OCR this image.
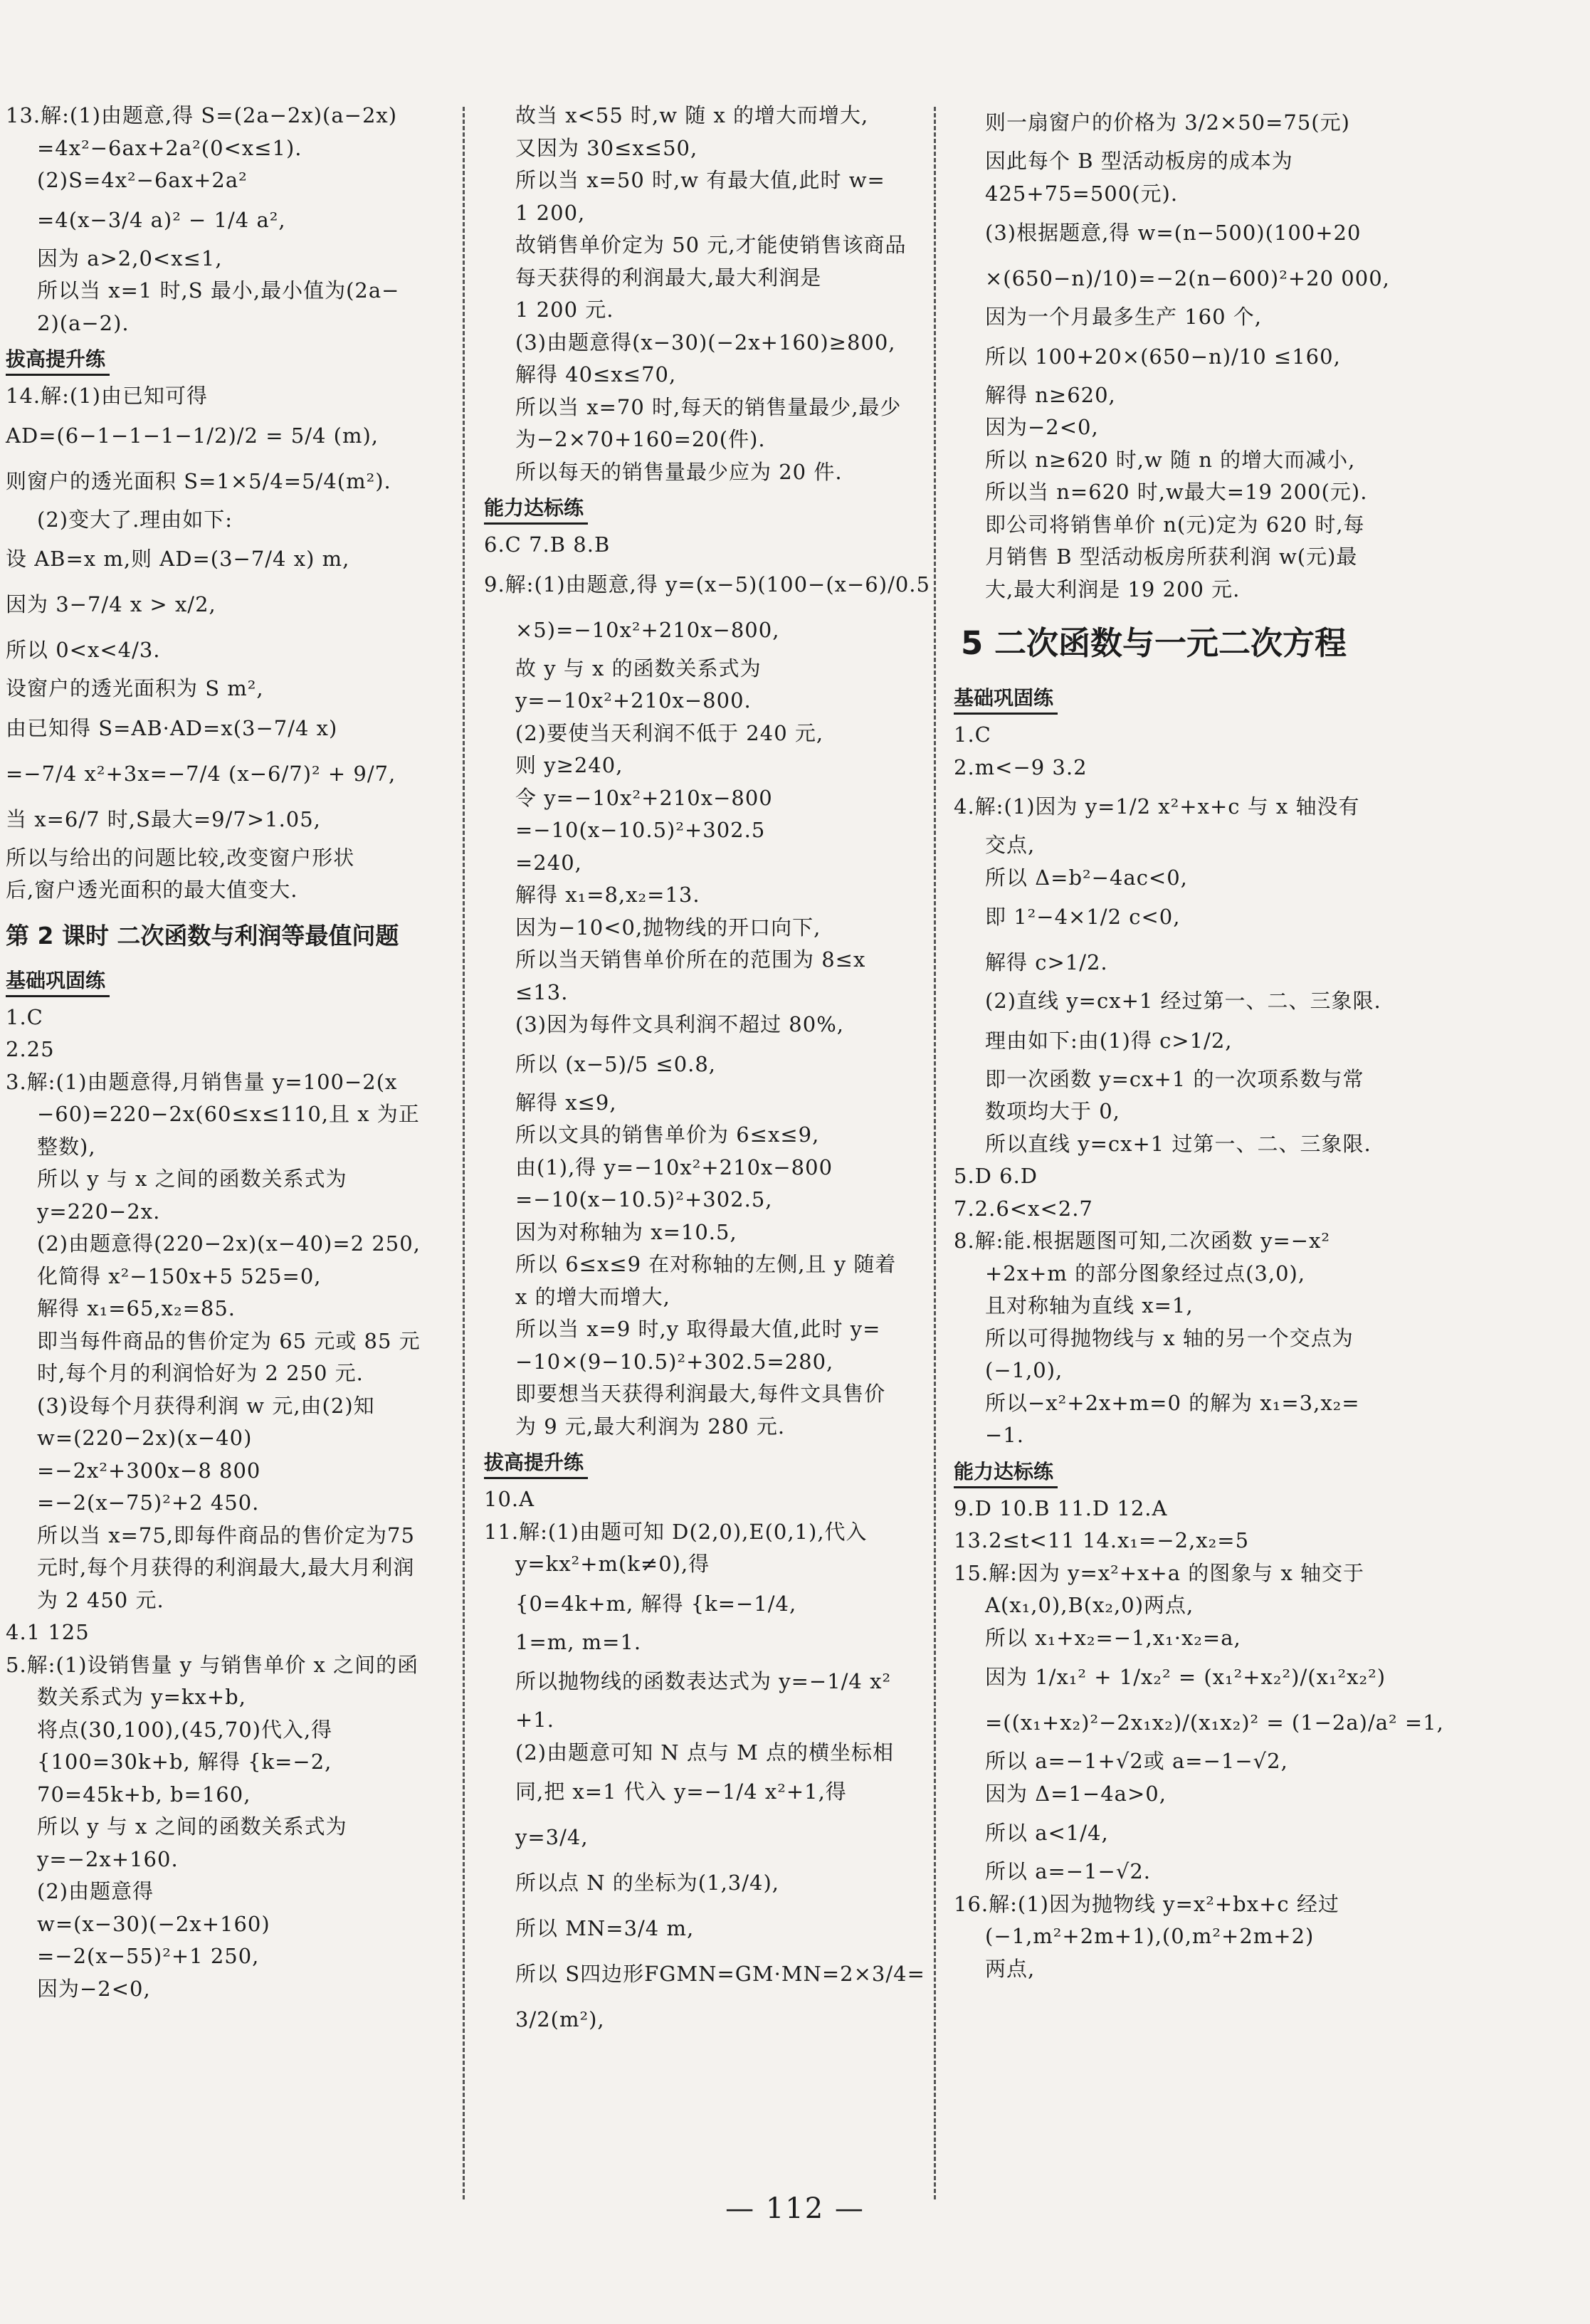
13.解:(1)由题意,得 S=(2a−2x)(a−2x)
=4x²−6ax+2a²(0<x≤1).
(2)S=4x²−6ax+2a²
=4(x−3/4 a)² − 1/4 a²,
因为 a>2,0<x≤1,
所以当 x=1 时,S 最小,最小值为(2a−
2)(a−2).
拔高提升练
14.解:(1)由已知可得
AD=(6−1−1−1−1/2)/2 = 5/4 (m),
则窗户的透光面积 S=1×5/4=5/4(m²).
(2)变大了.理由如下:
设 AB=x m,则 AD=(3−7/4 x) m,
因为 3−7/4 x > x/2,
所以 0<x<4/3.
设窗户的透光面积为 S m²,
由已知得 S=AB·AD=x(3−7/4 x)
=−7/4 x²+3x=−7/4 (x−6/7)² + 9/7,
当 x=6/7 时,S最大=9/7>1.05,
所以与给出的问题比较,改变窗户形状
后,窗户透光面积的最大值变大.
第 2 课时 二次函数与利润等最值问题
基础巩固练
1.C
2.25
3.解:(1)由题意得,月销售量 y=100−2(x
−60)=220−2x(60≤x≤110,且 x 为正
整数),
所以 y 与 x 之间的函数关系式为
y=220−2x.
(2)由题意得(220−2x)(x−40)=2 250,
化简得 x²−150x+5 525=0,
解得 x₁=65,x₂=85.
即当每件商品的售价定为 65 元或 85 元
时,每个月的利润恰好为 2 250 元.
(3)设每个月获得利润 w 元,由(2)知
w=(220−2x)(x−40)
=−2x²+300x−8 800
=−2(x−75)²+2 450.
所以当 x=75,即每件商品的售价定为75
元时,每个月获得的利润最大,最大月利润
为 2 450 元.
4.1 125
5.解:(1)设销售量 y 与销售单价 x 之间的函
数关系式为 y=kx+b,
将点(30,100),(45,70)代入,得
{100=30k+b, 解得 {k=−2,
70=45k+b, b=160,
所以 y 与 x 之间的函数关系式为
y=−2x+160.
(2)由题意得
w=(x−30)(−2x+160)
=−2(x−55)²+1 250,
因为−2<0,
故当 x<55 时,w 随 x 的增大而增大,
又因为 30≤x≤50,
所以当 x=50 时,w 有最大值,此时 w=
1 200,
故销售单价定为 50 元,才能使销售该商品
每天获得的利润最大,最大利润是
1 200 元.
(3)由题意得(x−30)(−2x+160)≥800,
解得 40≤x≤70,
所以当 x=70 时,每天的销售量最少,最少
为−2×70+160=20(件).
所以每天的销售量最少应为 20 件.
能力达标练
6.C 7.B 8.B
9.解:(1)由题意,得 y=(x−5)(100−(x−6)/0.5
×5)=−10x²+210x−800,
故 y 与 x 的函数关系式为
y=−10x²+210x−800.
(2)要使当天利润不低于 240 元,
则 y≥240,
令 y=−10x²+210x−800
=−10(x−10.5)²+302.5
=240,
解得 x₁=8,x₂=13.
因为−10<0,抛物线的开口向下,
所以当天销售单价所在的范围为 8≤x
≤13.
(3)因为每件文具利润不超过 80%,
所以 (x−5)/5 ≤0.8,
解得 x≤9,
所以文具的销售单价为 6≤x≤9,
由(1),得 y=−10x²+210x−800
=−10(x−10.5)²+302.5,
因为对称轴为 x=10.5,
所以 6≤x≤9 在对称轴的左侧,且 y 随着
x 的增大而增大,
所以当 x=9 时,y 取得最大值,此时 y=
−10×(9−10.5)²+302.5=280,
即要想当天获得利润最大,每件文具售价
为 9 元,最大利润为 280 元.
拔高提升练
10.A
11.解:(1)由题可知 D(2,0),E(0,1),代入
y=kx²+m(k≠0),得
{0=4k+m, 解得 {k=−1/4,
1=m, m=1.
所以抛物线的函数表达式为 y=−1/4 x²
+1.
(2)由题意可知 N 点与 M 点的横坐标相
同,把 x=1 代入 y=−1/4 x²+1,得
y=3/4,
所以点 N 的坐标为(1,3/4),
所以 MN=3/4 m,
所以 S四边形FGMN=GM·MN=2×3/4=
3/2(m²),
则一扇窗户的价格为 3/2×50=75(元)
因此每个 B 型活动板房的成本为
425+75=500(元).
(3)根据题意,得 w=(n−500)(100+20
×(650−n)/10)=−2(n−600)²+20 000,
因为一个月最多生产 160 个,
所以 100+20×(650−n)/10 ≤160,
解得 n≥620,
因为−2<0,
所以 n≥620 时,w 随 n 的增大而减小,
所以当 n=620 时,w最大=19 200(元).
即公司将销售单价 n(元)定为 620 时,每
月销售 B 型活动板房所获利润 w(元)最
大,最大利润是 19 200 元.
5 二次函数与一元二次方程
基础巩固练
1.C
2.m<−9 3.2
4.解:(1)因为 y=1/2 x²+x+c 与 x 轴没有
交点,
所以 Δ=b²−4ac<0,
即 1²−4×1/2 c<0,
解得 c>1/2.
(2)直线 y=cx+1 经过第一、二、三象限.
理由如下:由(1)得 c>1/2,
即一次函数 y=cx+1 的一次项系数与常
数项均大于 0,
所以直线 y=cx+1 过第一、二、三象限.
5.D 6.D
7.2.6<x<2.7
8.解:能.根据题图可知,二次函数 y=−x²
+2x+m 的部分图象经过点(3,0),
且对称轴为直线 x=1,
所以可得抛物线与 x 轴的另一个交点为
(−1,0),
所以−x²+2x+m=0 的解为 x₁=3,x₂=
−1.
能力达标练
9.D 10.B 11.D 12.A
13.2≤t<11 14.x₁=−2,x₂=5
15.解:因为 y=x²+x+a 的图象与 x 轴交于
A(x₁,0),B(x₂,0)两点,
所以 x₁+x₂=−1,x₁·x₂=a,
因为 1/x₁² + 1/x₂² = (x₁²+x₂²)/(x₁²x₂²)
=((x₁+x₂)²−2x₁x₂)/(x₁x₂)² = (1−2a)/a² =1,
所以 a=−1+√2或 a=−1−√2,
因为 Δ=1−4a>0,
所以 a<1/4,
所以 a=−1−√2.
16.解:(1)因为抛物线 y=x²+bx+c 经过
(−1,m²+2m+1),(0,m²+2m+2)
两点,
— 112 —
